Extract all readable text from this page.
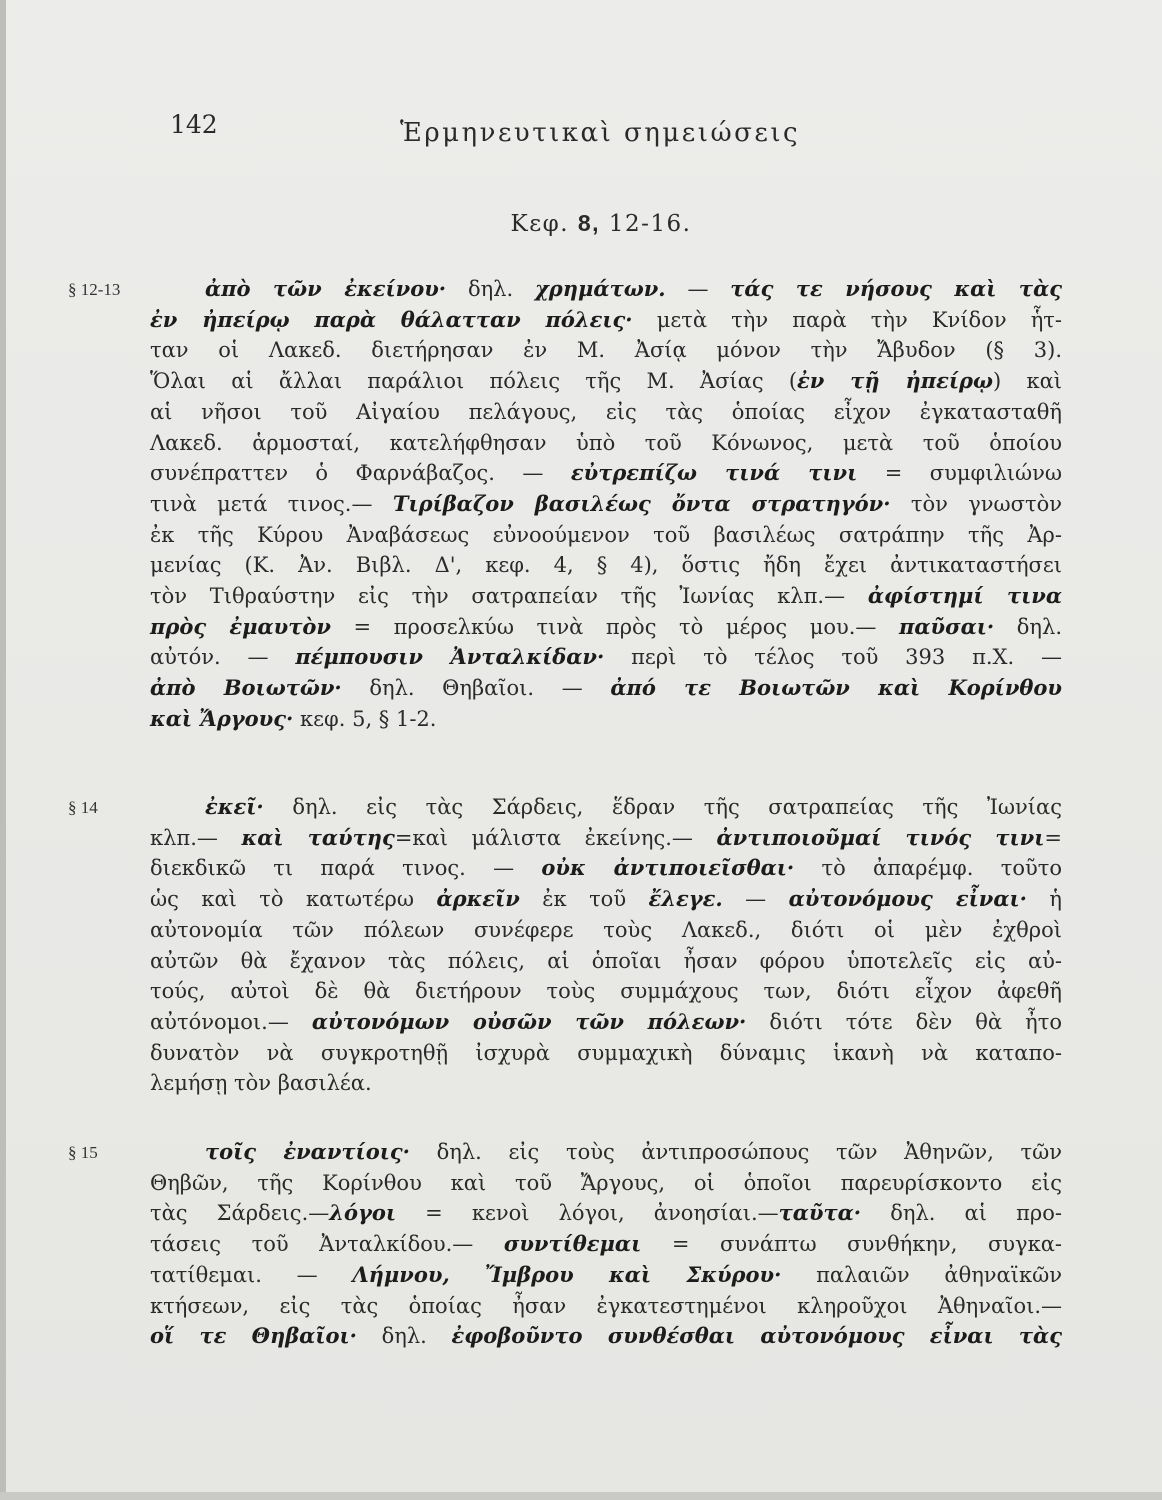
142	Ἑρμηνευτικαὶ σημειώσεις
Κεφ. 8, 12-16.
§ 12-13	ἀπὸ τῶν ἐκείνου· δηλ. χρημάτων. — τάς τε νήσους καὶ τὰς
ἐν ἠπείρῳ παρὰ θάλατταν πόλεις· μετὰ τὴν παρὰ τὴν Κνίδον ἧτ-
ταν οἱ Λακεδ. διετήρησαν ἐν Μ. Ἀσίᾳ μόνον τὴν Ἄβυδον (§ 3).
Ὅλαι αἱ ἄλλαι παράλιοι πόλεις τῆς Μ. Ἀσίας (ἐν τῇ ἠπείρῳ) καὶ
αἱ νῆσοι τοῦ Αἰγαίου πελάγους, εἰς τὰς ὁποίας εἶχον ἐγκατασταθῆ
Λακεδ. ἁρμοσταί, κατελήφθησαν ὑπὸ τοῦ Κόνωνος, μετὰ τοῦ ὁποίου
συνέπραττεν ὁ Φαρνάβαζος. — εὐτρεπίζω τινά τινι = συμφιλιώνω
τινὰ μετά τινος.— Τιρίβαζον βασιλέως ὄντα στρατηγόν· τὸν γνωστὸν
ἐκ τῆς Κύρου Ἀναβάσεως εὐνοούμενον τοῦ βασιλέως σατράπην τῆς Ἀρ-
μενίας (Κ. Ἀν. Βιβλ. Δ', κεφ. 4, § 4), ὅστις ἤδη ἔχει ἀντικαταστήσει
τὸν Τιθραύστην εἰς τὴν σατραπείαν τῆς Ἰωνίας κλπ.— ἀφίστημί τινα
πρὸς ἐμαυτὸν = προσελκύω τινὰ πρὸς τὸ μέρος μου.— παῦσαι· δηλ.
αὐτόν. — πέμπουσιν Ἀνταλκίδαν· περὶ τὸ τέλος τοῦ 393 π.Χ. —
ἀπὸ Βοιωτῶν· δηλ. Θηβαῖοι. — ἀπό τε Βοιωτῶν καὶ Κορίνθου
καὶ Ἄργους· κεφ. 5, § 1-2.
§ 14	ἐκεῖ· δηλ. εἰς τὰς Σάρδεις, ἕδραν τῆς σατραπείας τῆς Ἰωνίας
κλπ.— καὶ ταύτης=καὶ μάλιστα ἐκείνης.— ἀντιποιοῦμαί τινός τινι=
διεκδικῶ τι παρά τινος. — οὐκ ἀντιποιεῖσθαι· τὸ ἀπαρέμφ. τοῦτο
ὡς καὶ τὸ κατωτέρω ἀρκεῖν ἐκ τοῦ ἔλεγε. — αὐτονόμους εἶναι· ἡ
αὐτονομία τῶν πόλεων συνέφερε τοὺς Λακεδ., διότι οἱ μὲν ἐχθροὶ
αὐτῶν θὰ ἔχανον τὰς πόλεις, αἱ ὁποῖαι ἦσαν φόρου ὑποτελεῖς εἰς αὐ-
τούς, αὐτοὶ δὲ θὰ διετήρουν τοὺς συμμάχους των, διότι εἶχον ἀφεθῆ
αὐτόνομοι.— αὐτονόμων οὐσῶν τῶν πόλεων· διότι τότε δὲν θὰ ἦτο
δυνατὸν νὰ συγκροτηθῇ ἰσχυρὰ συμμαχικὴ δύναμις ἱκανὴ νὰ καταπο-
λεμήσῃ τὸν βασιλέα.
§ 15	τοῖς ἐναντίοις· δηλ. εἰς τοὺς ἀντιπροσώπους τῶν Ἀθηνῶν, τῶν
Θηβῶν, τῆς Κορίνθου καὶ τοῦ Ἄργους, οἱ ὁποῖοι παρευρίσκοντο εἰς
τὰς Σάρδεις.—λόγοι = κενοὶ λόγοι, ἀνοησίαι.—ταῦτα· δηλ. αἱ προ-
τάσεις τοῦ Ἀνταλκίδου.— συντίθεμαι = συνάπτω συνθήκην, συγκα-
τατίθεμαι. — Λήμνου, Ἴμβρου καὶ Σκύρου· παλαιῶν ἀθηναϊκῶν
κτήσεων, εἰς τὰς ὁποίας ἦσαν ἐγκατεστημένοι κληροῦχοι Ἀθηναῖοι.—
οἵ τε Θηβαῖοι· δηλ. ἐφοβοῦντο συνθέσθαι αὐτονόμους εἶναι τὰς
